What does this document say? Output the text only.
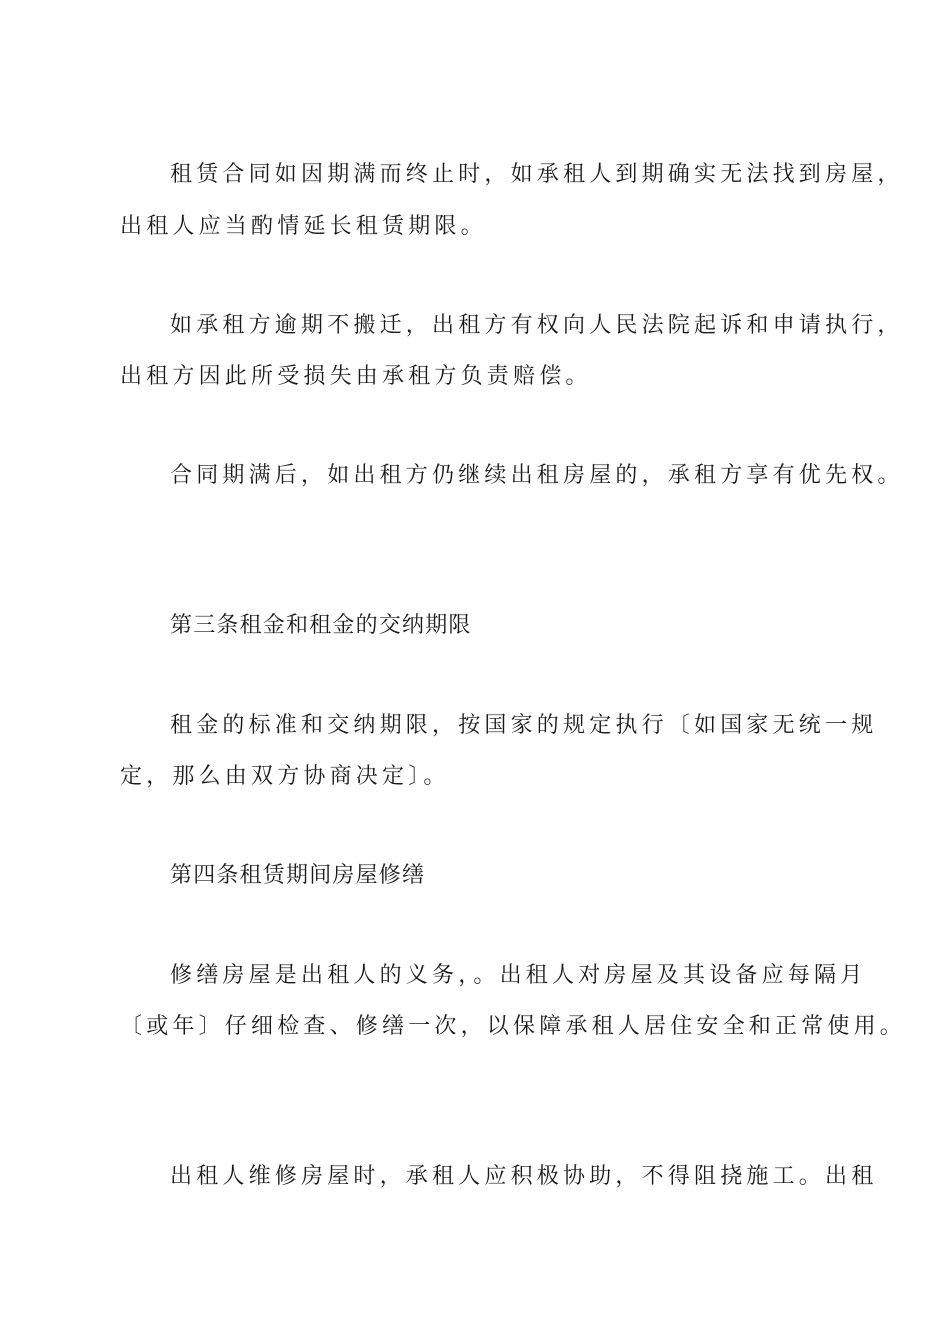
租赁合同如因期满而终止时，如承租人到期确实无法找到房屋，
出租人应当酌情延长租赁期限。
如承租方逾期不搬迁，出租方有权向人民法院起诉和申请执行，
出租方因此所受损失由承租方负责赔偿。
合同期满后，如出租方仍继续出租房屋的，承租方享有优先权。
第三条租金和租金的交纳期限
租金的标准和交纳期限，按国家的规定执行〔如国家无统一规
定，那么由双方协商决定〕。
第四条租赁期间房屋修缮
修缮房屋是出租人的义务，。出租人对房屋及其设备应每隔月
〔或年〕仔细检查、修缮一次，以保障承租人居住安全和正常使用。
出租人维修房屋时，承租人应积极协助，不得阻挠施工。出租
